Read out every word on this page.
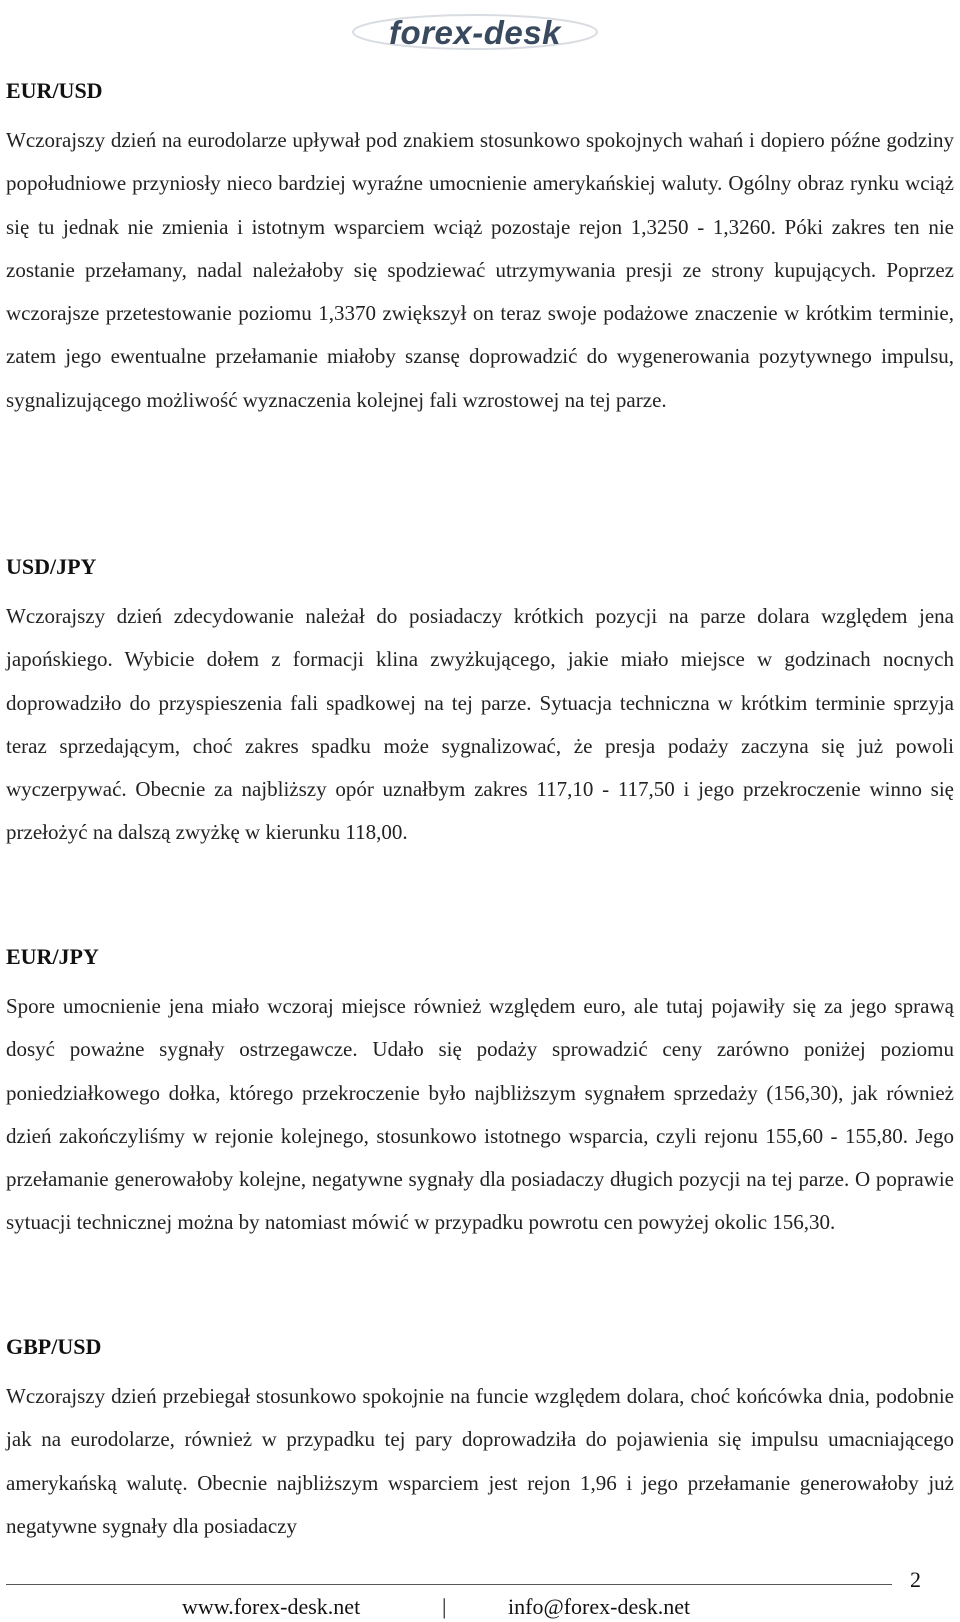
forex-desk
EUR/USD

Wczorajszy dzień na eurodolarze upływał pod znakiem stosunkowo spokojnych wahań i dopiero późne godziny popołudniowe przyniosły nieco bardziej wyraźne umocnienie amerykańskiej waluty. Ogólny obraz rynku wciąż się tu jednak nie zmienia i istotnym wsparciem wciąż pozostaje rejon 1,3250 - 1,3260. Póki zakres ten nie zostanie przełamany, nadal należałoby się spodziewać utrzymywania presji ze strony kupujących. Poprzez wczorajsze przetestowanie poziomu 1,3370 zwiększył on teraz swoje podażowe znaczenie w krótkim terminie, zatem jego ewentualne przełamanie miałoby szansę doprowadzić do wygenerowania pozytywnego impulsu, sygnalizującego możliwość wyznaczenia kolejnej fali wzrostowej na tej parze.

USD/JPY

Wczorajszy dzień zdecydowanie należał do posiadaczy krótkich pozycji na parze dolara względem jena japońskiego. Wybicie dołem z formacji klina zwyżkującego, jakie miało miejsce w godzinach nocnych doprowadziło do przyspieszenia fali spadkowej na tej parze. Sytuacja techniczna w krótkim terminie sprzyja teraz sprzedającym, choć zakres spadku może sygnalizować, że presja podaży zaczyna się już powoli wyczerpywać. Obecnie za najbliższy opór uznałbym zakres 117,10 - 117,50 i jego przekroczenie winno się przełożyć na dalszą zwyżkę w kierunku 118,00.

EUR/JPY

Spore umocnienie jena miało wczoraj miejsce również względem euro, ale tutaj pojawiły się za jego sprawą dosyć poważne sygnały ostrzegawcze. Udało się podaży sprowadzić ceny zarówno poniżej poziomu poniedziałkowego dołka, którego przekroczenie było najbliższym sygnałem sprzedaży (156,30), jak również dzień zakończyliśmy w rejonie kolejnego, stosunkowo istotnego wsparcia, czyli rejonu 155,60 - 155,80. Jego przełamanie generowałoby kolejne, negatywne sygnały dla posiadaczy długich pozycji na tej parze. O poprawie sytuacji technicznej można by natomiast mówić w przypadku powrotu cen powyżej okolic 156,30.

GBP/USD

Wczorajszy dzień przebiegał stosunkowo spokojnie na funcie względem dolara, choć końcówka dnia, podobnie jak na eurodolarze, również w przypadku tej pary doprowadziła do pojawienia się impulsu umacniającego amerykańską walutę. Obecnie najbliższym wsparciem jest rejon 1,96 i jego przełamanie generowałoby już negatywne sygnały dla posiadaczy

2
www.forex-desk.net	|	info@forex-desk.net
